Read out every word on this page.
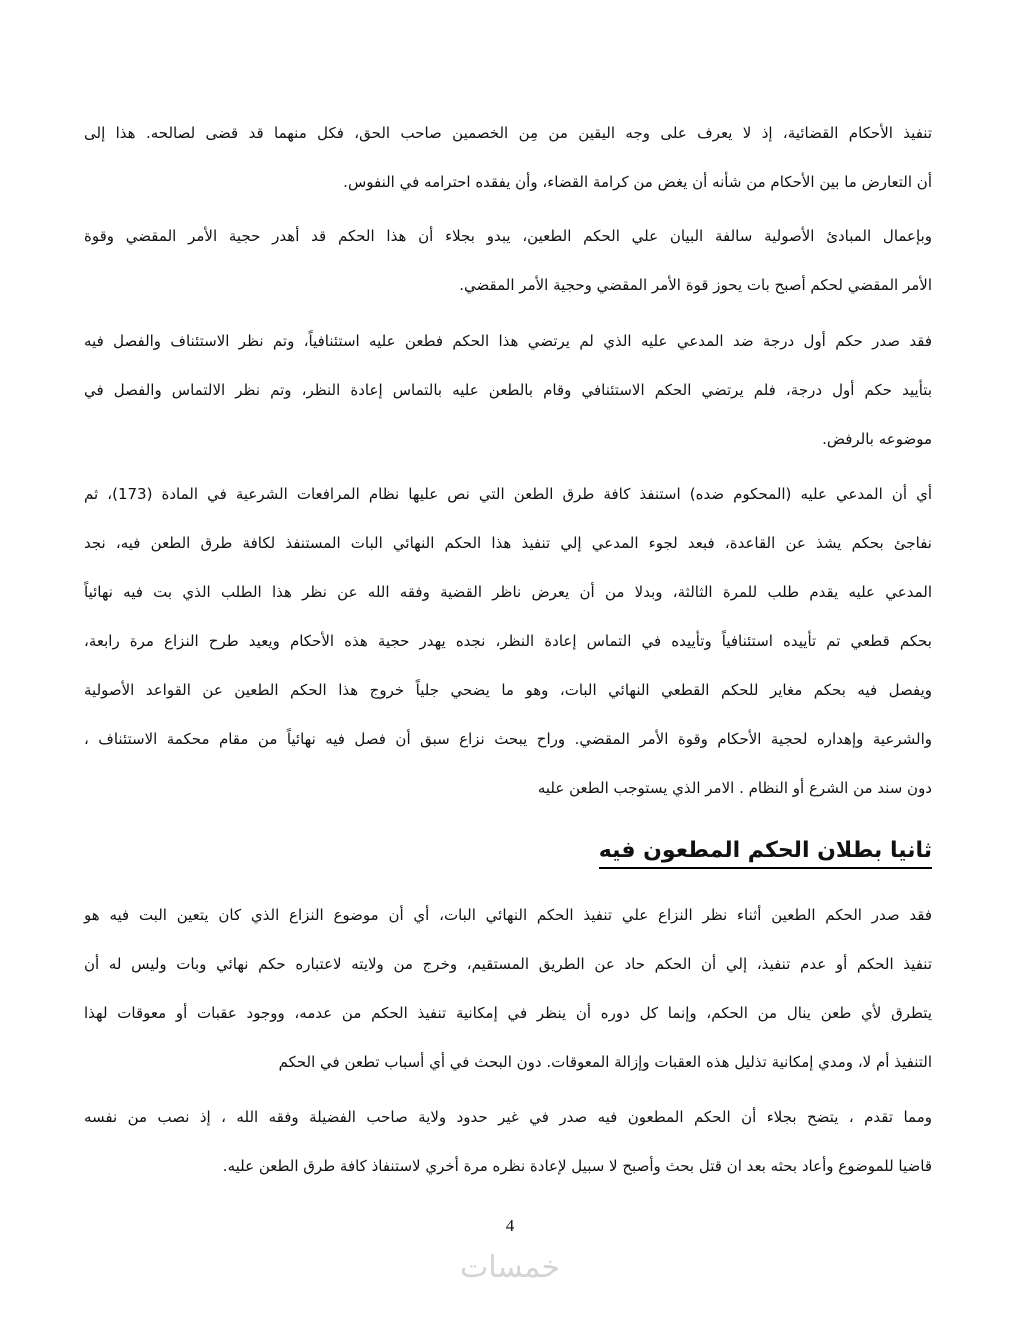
تنفيذ الأحكام القضائية، إذ لا يعرف على وجه اليقين من مِن الخصمين صاحب الحق، فكل منهما قد قضى لصالحه. هذا إلى
أن التعارض ما بين الأحكام من شأنه أن يغض من كرامة القضاء، وأن يفقده احترامه في النفوس.
وبإعمال المبادئ الأصولية سالفة البيان علي الحكم الطعين، يبدو بجلاء أن هذا الحكم قد أهدر حجية الأمر المقضي وقوة
الأمر المقضي لحكم أصبح بات يحوز قوة الأمر المقضي وحجية الأمر المقضي.
فقد صدر حكم أول درجة ضد المدعي عليه الذي لم يرتضي هذا الحكم فطعن عليه استئنافياً، وتم نظر الاستئناف والفصل فيه
بتأييد حكم أول درجة، فلم يرتضي الحكم الاستئنافي وقام بالطعن عليه بالتماس إعادة النظر، وتم نظر الالتماس والفصل في
موضوعه بالرفض.
أي أن المدعي عليه (المحكوم ضده) استنفذ كافة طرق الطعن التي نص عليها نظام المرافعات الشرعية في المادة (173)، ثم
نفاجئ بحكم يشذ عن القاعدة، فبعد لجوء المدعي إلي تنفيذ هذا الحكم النهائي البات المستنفذ لكافة طرق الطعن فيه، نجد
المدعي عليه يقدم طلب للمرة الثالثة، وبدلا من أن يعرض ناظر القضية وفقه الله عن نظر هذا الطلب الذي بت فيه نهائياً
بحكم قطعي تم تأييده استئنافياً وتأييده في التماس إعادة النظر، نجده يهدر حجية هذه الأحكام ويعيد طرح النزاع مرة رابعة،
ويفصل فيه بحكم مغاير للحكم القطعي النهائي البات، وهو ما يضحي جلياً خروج هذا الحكم الطعين عن القواعد الأصولية
والشرعية وإهداره لحجية الأحكام وقوة الأمر المقضي. وراح يبحث نزاع سبق أن فصل فيه نهائياً من مقام محكمة الاستئناف ،
دون سند من الشرع أو النظام . الامر الذي يستوجب الطعن عليه
فقد صدر الحكم الطعين أثناء نظر النزاع علي تنفيذ الحكم النهائي البات، أي أن موضوع النزاع الذي كان يتعين البت فيه هو
تنفيذ الحكم أو عدم تنفيذ، إلي أن الحكم حاد عن الطريق المستقيم، وخرج من ولايته لاعتباره حكم نهائي وبات وليس له أن
يتطرق لأي طعن ينال من الحكم، وإنما كل دوره أن ينظر في إمكانية تنفيذ الحكم من عدمه، ووجود عقبات أو معوقات لهذا
التنفيذ أم لا، ومدي إمكانية تذليل هذه العقبات وإزالة المعوقات. دون البحث في أي أسباب تطعن في الحكم
ومما تقدم ، يتضح بجلاء أن الحكم المطعون فيه صدر في غير حدود ولاية صاحب الفضيلة وفقه الله ، إذ نصب من نفسه
قاضيا للموضوع وأعاد بحثه بعد ان قتل بحث وأصبح لا سبيل لإعادة نظره مرة أخري لاستنفاذ كافة طرق الطعن عليه.
ثانيا بطلان الحكم المطعون فيه
4
خمسات
